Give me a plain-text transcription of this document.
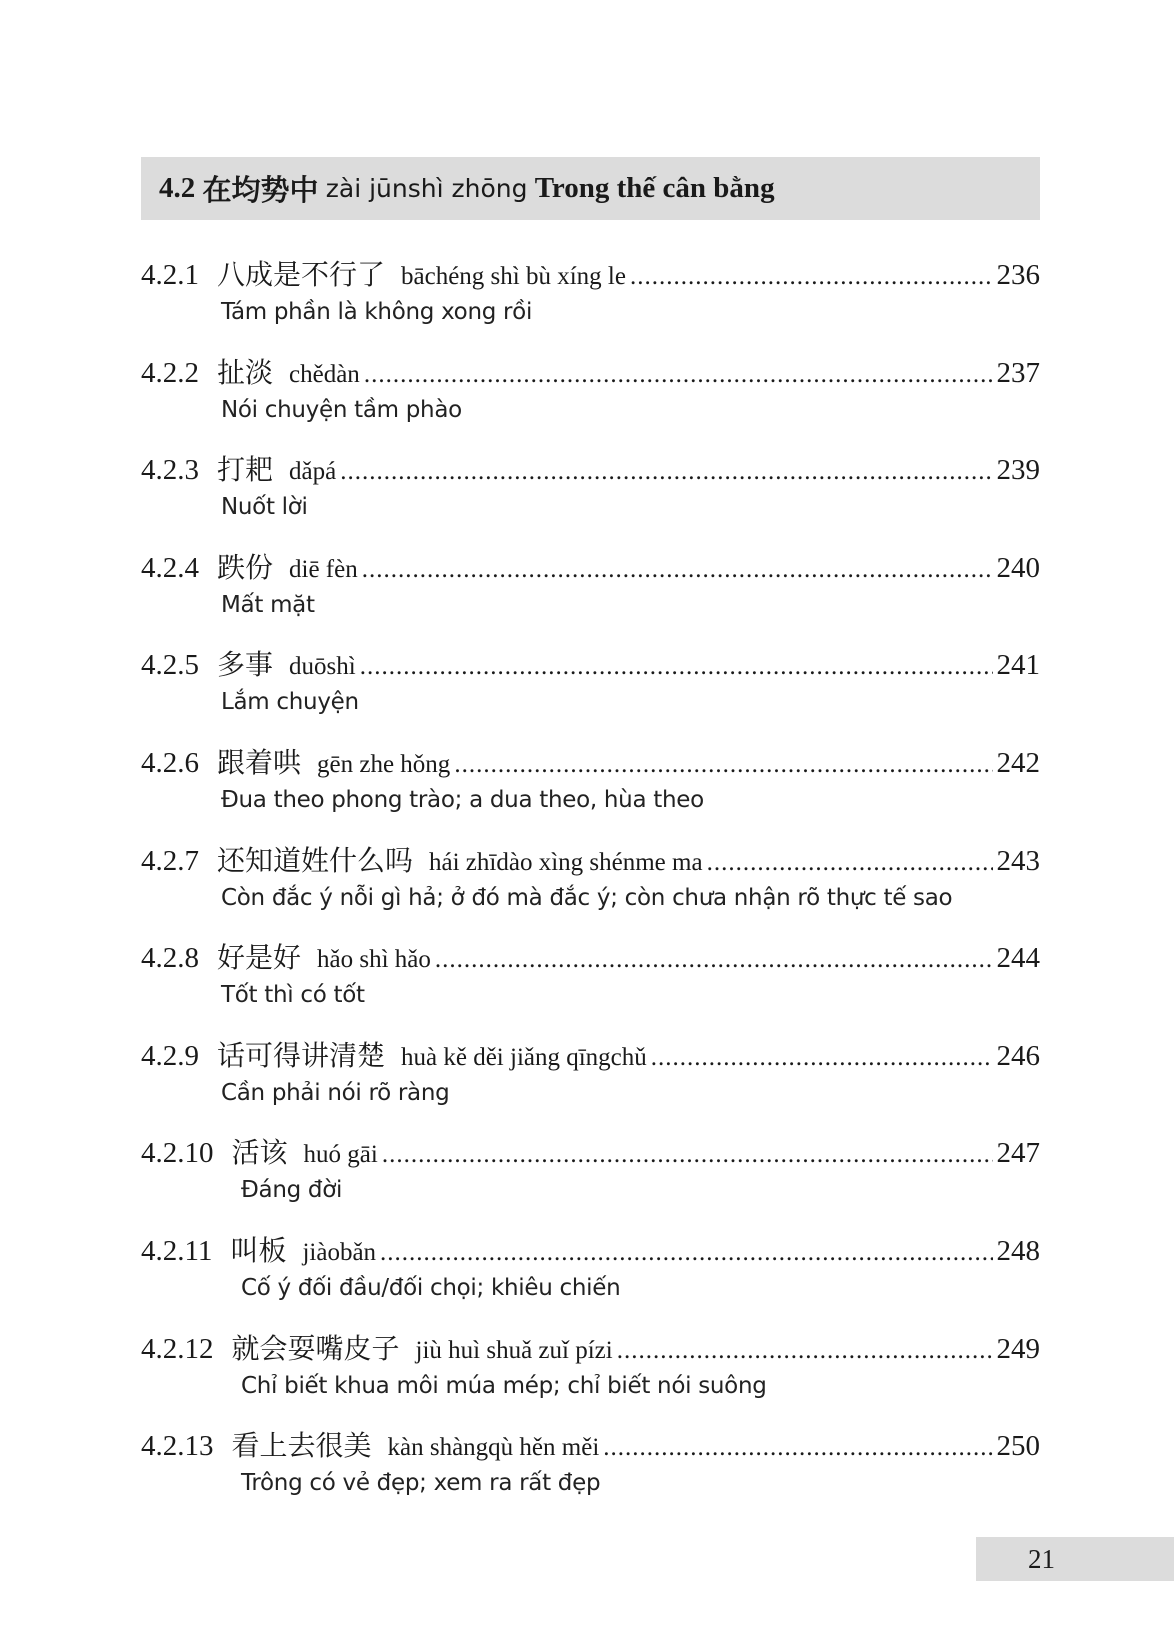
4.2
在均势中
zài jūnshì zhōng
Trong thế cân bằng
4.2.1 八成是不行了 bāchéng shì bù xíng le .....	236
Tám phần là không xong rồi
4.2.2 扯淡 chědàn .....	237
Nói chuyện tầm phào
4.2.3 打耙 dǎpá .....	239
Nuốt lời
4.2.4 跌份 diē fèn .....	240
Mất mặt
4.2.5 多事 duōshì .....	241
Lắm chuyện
4.2.6 跟着哄 gēn zhe hǒng .....	242
Đua theo phong trào; a dua theo, hùa theo
4.2.7 还知道姓什么吗 hái zhīdào xìng shénme ma .....	243
Còn đắc ý nỗi gì hả; ở đó mà đắc ý; còn chưa nhận rõ thực tế sao
4.2.8 好是好 hǎo shì hǎo .....	244
Tốt thì có tốt
4.2.9 话可得讲清楚 huà kě děi jiǎng qīngchǔ .....	246
Cần phải nói rõ ràng
4.2.10 活该 huó gāi .....	247
Đáng đời
4.2.11 叫板 jiàobǎn .....	248
Cố ý đối đầu/đối chọi; khiêu chiến
4.2.12 就会耍嘴皮子 jiù huì shuǎ zuǐ pízi .....	249
Chỉ biết khua môi múa mép; chỉ biết nói suông
4.2.13 看上去很美 kàn shàngqù hěn měi .....	250
Trông có vẻ đẹp; xem ra rất đẹp
21
